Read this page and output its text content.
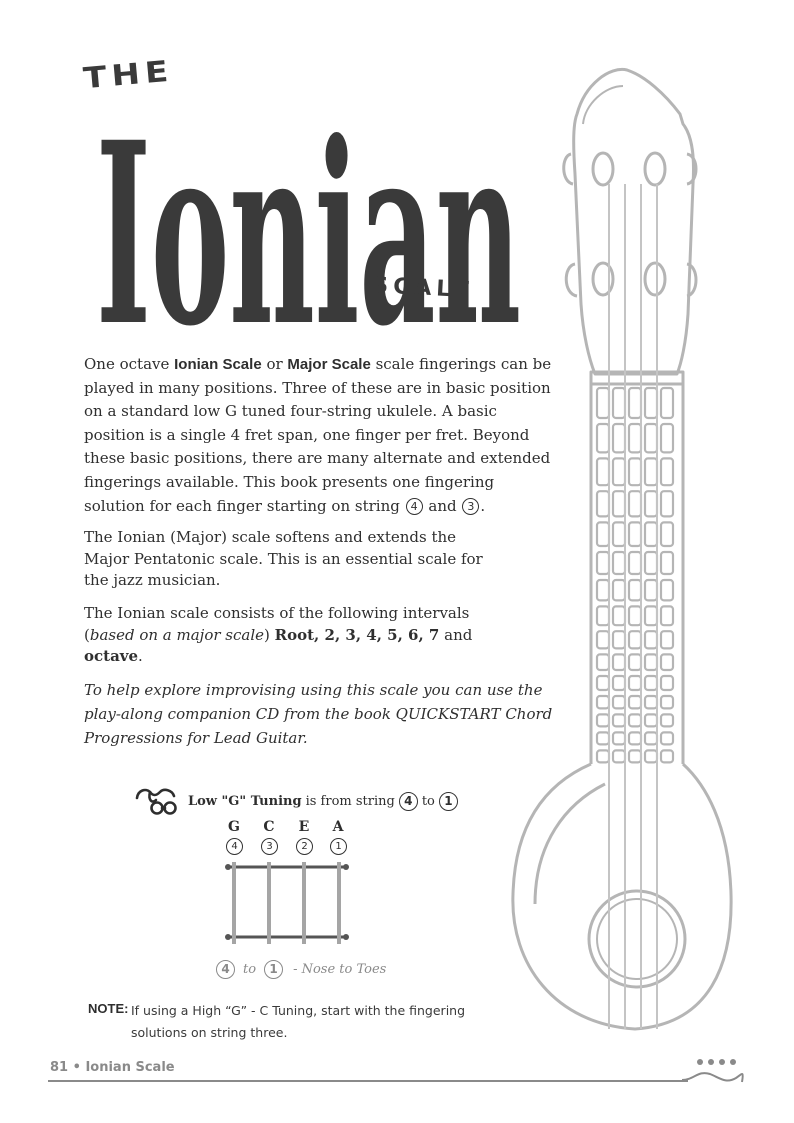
THE
Ionian
SCALE
One octave Ionian Scale or Major Scale scale fingerings can be played in many positions. Three of these are in basic position on a standard low G tuned four-string ukulele. A basic position is a single 4 fret span, one finger per fret. Beyond these basic positions, there are many alternate and extended fingerings available. This book presents one fingering solution for each finger starting on string 4 and 3 .
The Ionian (Major) scale softens and extends the Major Pentatonic scale. This is an essential scale for the jazz musician.
The Ionian scale consists of the following intervals (based on a major scale) Root, 2, 3, 4, 5, 6, 7 and octave.
To help explore improvising using this scale you can use the play-along companion CD from the book QUICKSTART Chord Progressions for Lead Guitar.
Low "G" Tuning is from string 4 to 1
G	C	E	A
4	3	2	1
4	to	1	- Nose to Toes
NOTE: If using a High “G” - C Tuning, start with the fingering solutions on string three.
81 • Ionian Scale
